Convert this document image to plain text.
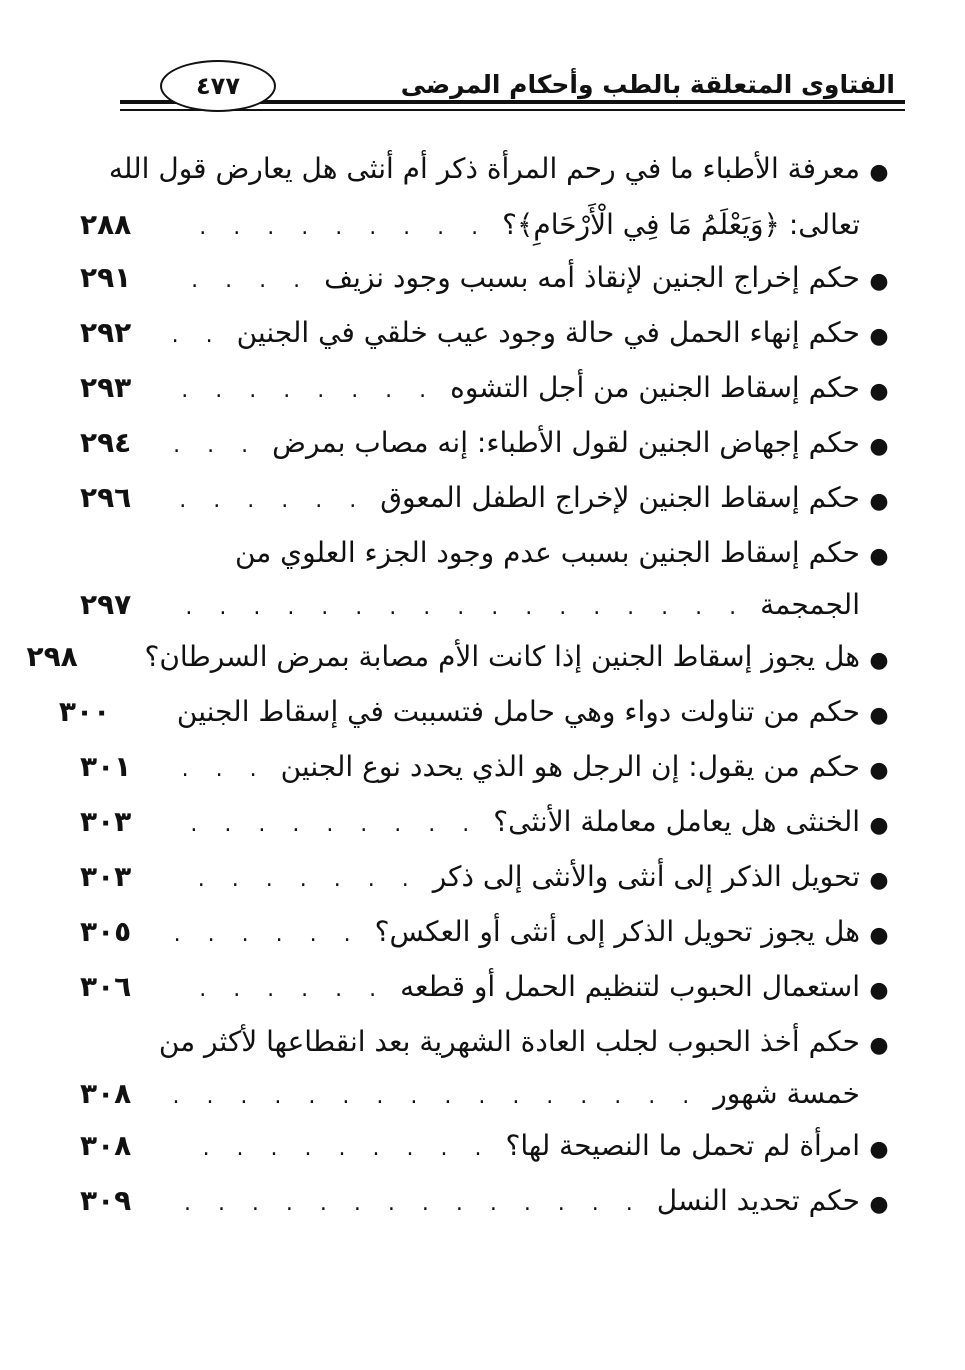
الفتاوى المتعلقة بالطب وأحكام المرضى
٤٧٧
●
معرفة الأطباء ما في رحم المرأة ذكر أم أنثى هل يعارض قول الله
تعالى: ﴿وَيَعْلَمُ مَا فِي الْأَرْحَامِ﴾؟
. . .
٢٨٨
●
حكم إخراج الجنين لإنقاذ أمه بسبب وجود نزيف
. . .
٢٩١
●
حكم إنهاء الحمل في حالة وجود عيب خلقي في الجنين
. . .
٢٩٢
●
حكم إسقاط الجنين من أجل التشوه
. . .
٢٩٣
●
حكم إجهاض الجنين لقول الأطباء: إنه مصاب بمرض
. . .
٢٩٤
●
حكم إسقاط الجنين لإخراج الطفل المعوق
. . .
٢٩٦
●
حكم إسقاط الجنين بسبب عدم وجود الجزء العلوي من
الجمجمة
. . .
٢٩٧
●
هل يجوز إسقاط الجنين إذا كانت الأم مصابة بمرض السرطان؟
. . .
٢٩٨
●
حكم من تناولت دواء وهي حامل فتسببت في إسقاط الجنين
. . .
٣٠٠
●
حكم من يقول: إن الرجل هو الذي يحدد نوع الجنين
. . .
٣٠١
●
الخنثى هل يعامل معاملة الأنثى؟
. . .
٣٠٣
●
تحويل الذكر إلى أنثى والأنثى إلى ذكر
. . .
٣٠٣
●
هل يجوز تحويل الذكر إلى أنثى أو العكس؟
. . .
٣٠٥
●
استعمال الحبوب لتنظيم الحمل أو قطعه
. . .
٣٠٦
●
حكم أخذ الحبوب لجلب العادة الشهرية بعد انقطاعها لأكثر من
خمسة شهور
. . .
٣٠٨
●
امرأة لم تحمل ما النصيحة لها؟
. . .
٣٠٨
●
حكم تحديد النسل
. . .
٣٠٩
